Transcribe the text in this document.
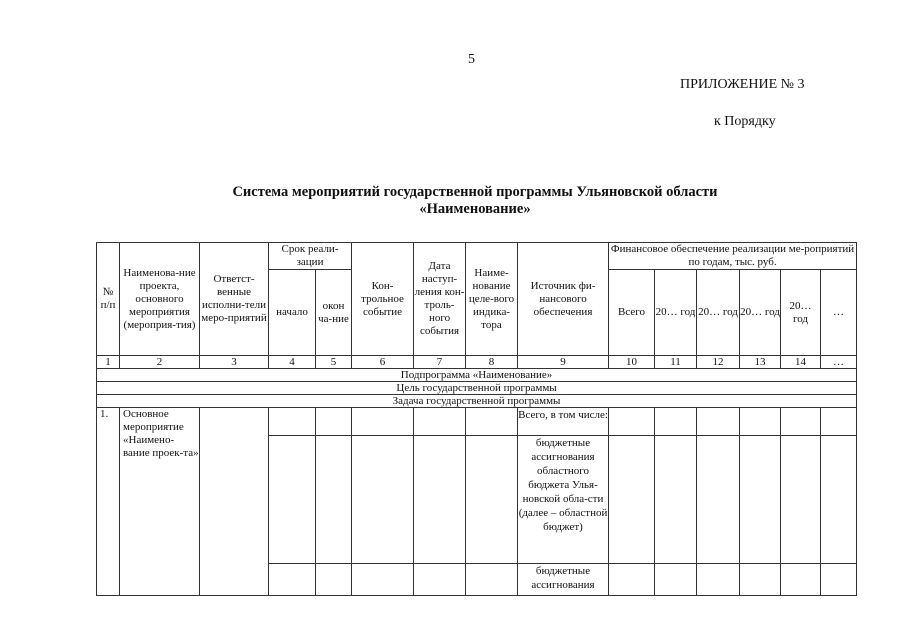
5
ПРИЛОЖЕНИЕ № 3
к Порядку
Система мероприятий государственной программы Ульяновской области
«Наименование»
№ п/п	Наименова-ние проекта, основного мероприятия (мероприя-тия)	Ответст-венные исполни-тели меро-приятий	Срок реали-зации		Кон-трольное событие	Дата наступ-ления кон-троль-ного события	Наиме-нование целе-вого индика-тора	Источник фи-нансового обеспечения	Финансовое обеспечение реализации ме-роприятий по годам, тыс. руб.					
			начало	окон ча-ние					Всего	20… год	20… год	20… год	20… год	…
1	2	3	4	5	6	7	8	9	10	11	12	13	14	…
Подпрограмма «Наименование»														
Цель государственной программы														
Задача государственной программы														
1.	Основное мероприятие «Наимено-вание проек-та»							Всего, в том числе:						
								бюджетные ассигнования областного бюджета Улья-новской обла-сти (далее – областной бюджет)						
								бюджетные ассигнования						
